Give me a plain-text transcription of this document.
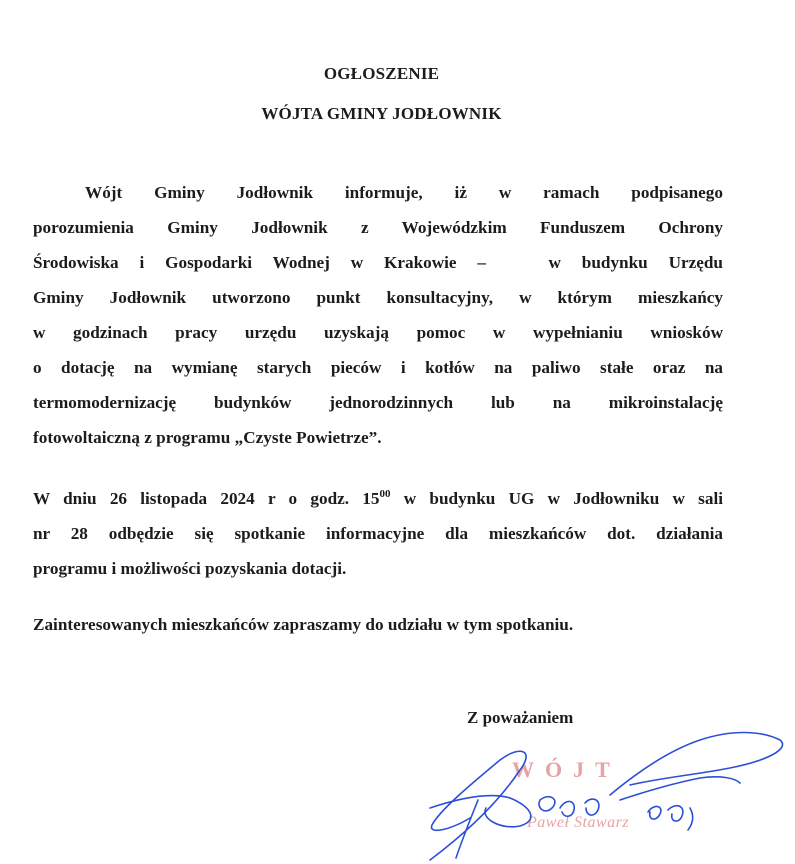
OGŁOSZENIE
WÓJTA GMINY JODŁOWNIK
Wójt Gminy Jodłownik informuje, iż w ramach podpisanego
porozumienia Gminy Jodłownik z Wojewódzkim Funduszem Ochrony
Środowiska i Gospodarki Wodnej w Krakowie –   w budynku Urzędu
Gminy Jodłownik utworzono punkt konsultacyjny, w którym mieszkańcy
w godzinach pracy urzędu uzyskają pomoc w wypełnianiu wniosków
o dotację na wymianę starych pieców i kotłów na paliwo stałe oraz na
termomodernizację budynków jednorodzinnych lub na mikroinstalację
fotowoltaiczną z programu „Czyste Powietrze”.
W dniu 26 listopada 2024 r o godz. $15^{00}$ w budynku UG w Jodłowniku w sali
nr 28 odbędzie się spotkanie informacyjne dla mieszkańców dot. działania
programu i możliwości pozyskania dotacji.
Zainteresowanych mieszkańców zapraszamy do udziału w tym spotkaniu.
Z poważaniem
WÓJT
Paweł Stawarz
